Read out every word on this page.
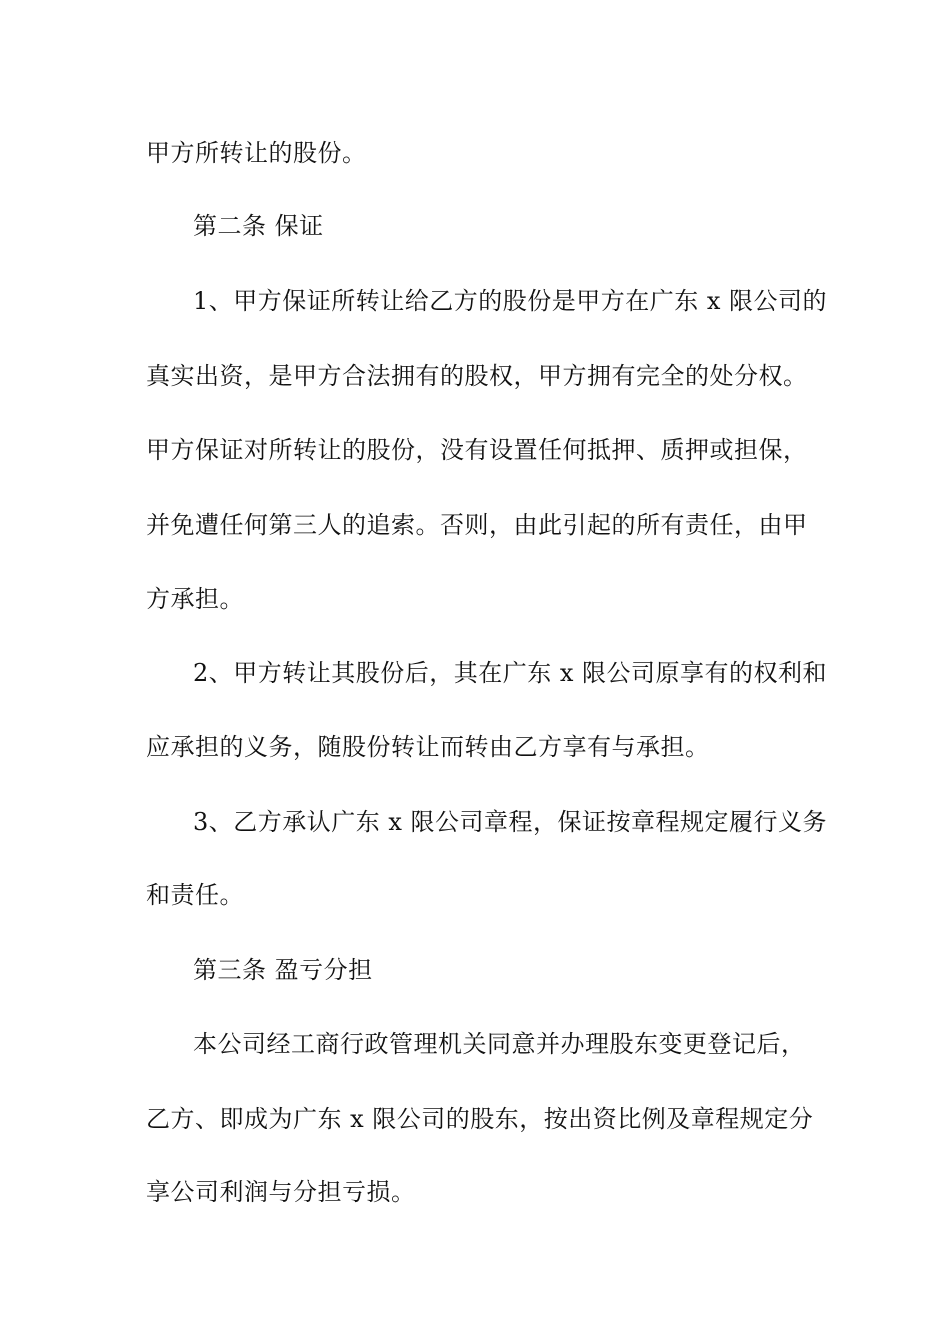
甲方所转让的股份。
第二条 保证
1、甲方保证所转让给乙方的股份是甲方在广东 x 限公司的
真实出资，是甲方合法拥有的股权，甲方拥有完全的处分权。
甲方保证对所转让的股份，没有设置任何抵押、质押或担保，
并免遭任何第三人的追索。否则，由此引起的所有责任，由甲
方承担。
2、甲方转让其股份后，其在广东 x 限公司原享有的权利和
应承担的义务，随股份转让而转由乙方享有与承担。
3、乙方承认广东 x 限公司章程，保证按章程规定履行义务
和责任。
第三条 盈亏分担
本公司经工商行政管理机关同意并办理股东变更登记后，
乙方、即成为广东 x 限公司的股东，按出资比例及章程规定分
享公司利润与分担亏损。
